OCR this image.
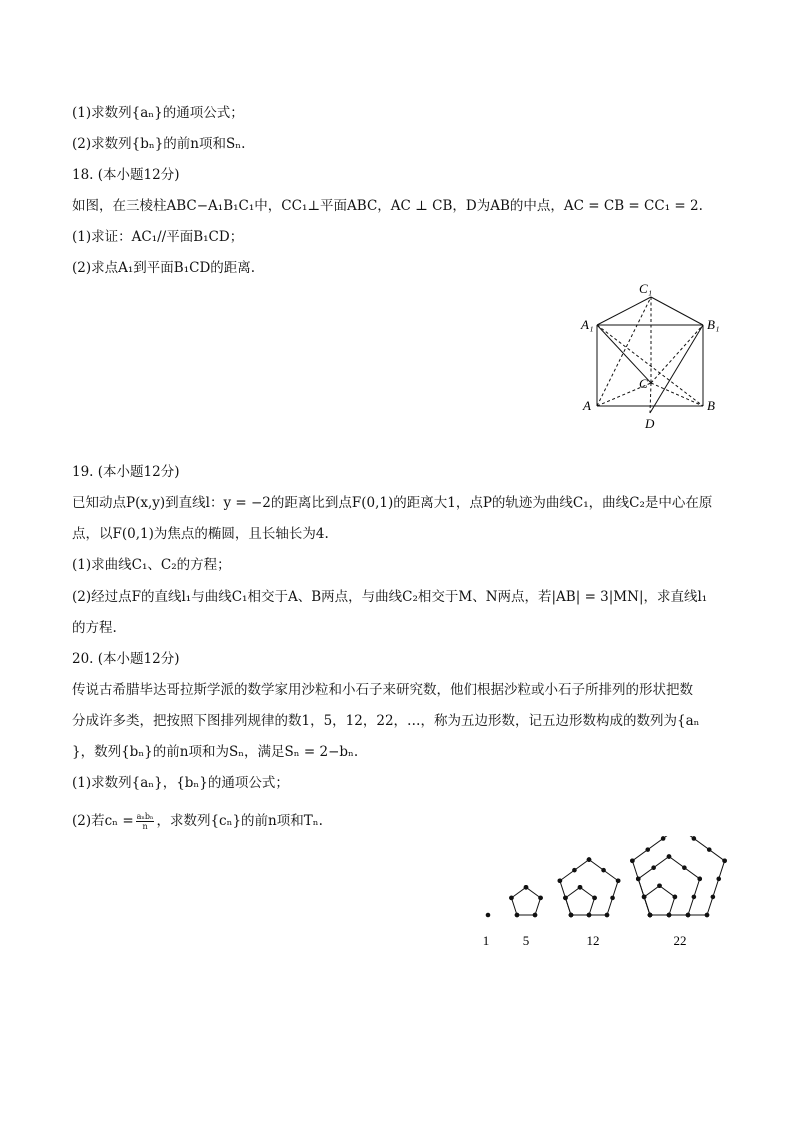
(1)求数列{aₙ}的通项公式；
(2)求数列{bₙ}的前n项和Sₙ.
18. (本小题12分)
如图，在三棱柱ABC−A₁B₁C₁中，CC₁⊥平面ABC，AC ⊥ CB，D为AB的中点，AC = CB = CC₁ = 2.
(1)求证：AC₁//平面B₁CD；
(2)求点A₁到平面B₁CD的距离.
C₁
A₁	B₁
C
A	B
D
19. (本小题12分)
已知动点P(x,y)到直线l：y = −2的距离比到点F(0,1)的距离大1，点P的轨迹为曲线C₁，曲线C₂是中心在原
点，以F(0,1)为焦点的椭圆，且长轴长为4.
(1)求曲线C₁、C₂的方程；
(2)经过点F的直线l₁与曲线C₁相交于A、B两点，与曲线C₂相交于M、N两点，若|AB| = 3|MN|，求直线l₁
的方程.
20. (本小题12分)
传说古希腊毕达哥拉斯学派的数学家用沙粒和小石子来研究数，他们根据沙粒或小石子所排列的形状把数
分成许多类，把按照下图排列规律的数1，5，12，22，…，称为五边形数，记五边形数构成的数列为{aₙ
}，数列{bₙ}的前n项和为Sₙ，满足Sₙ = 2−bₙ.
(1)求数列{aₙ}，{bₙ}的通项公式；
(2)若$c_n = \frac{\text{aₙbₙ}}{n}$ ，求数列{cₙ}的前n项和Tₙ.
1	5	12	22
